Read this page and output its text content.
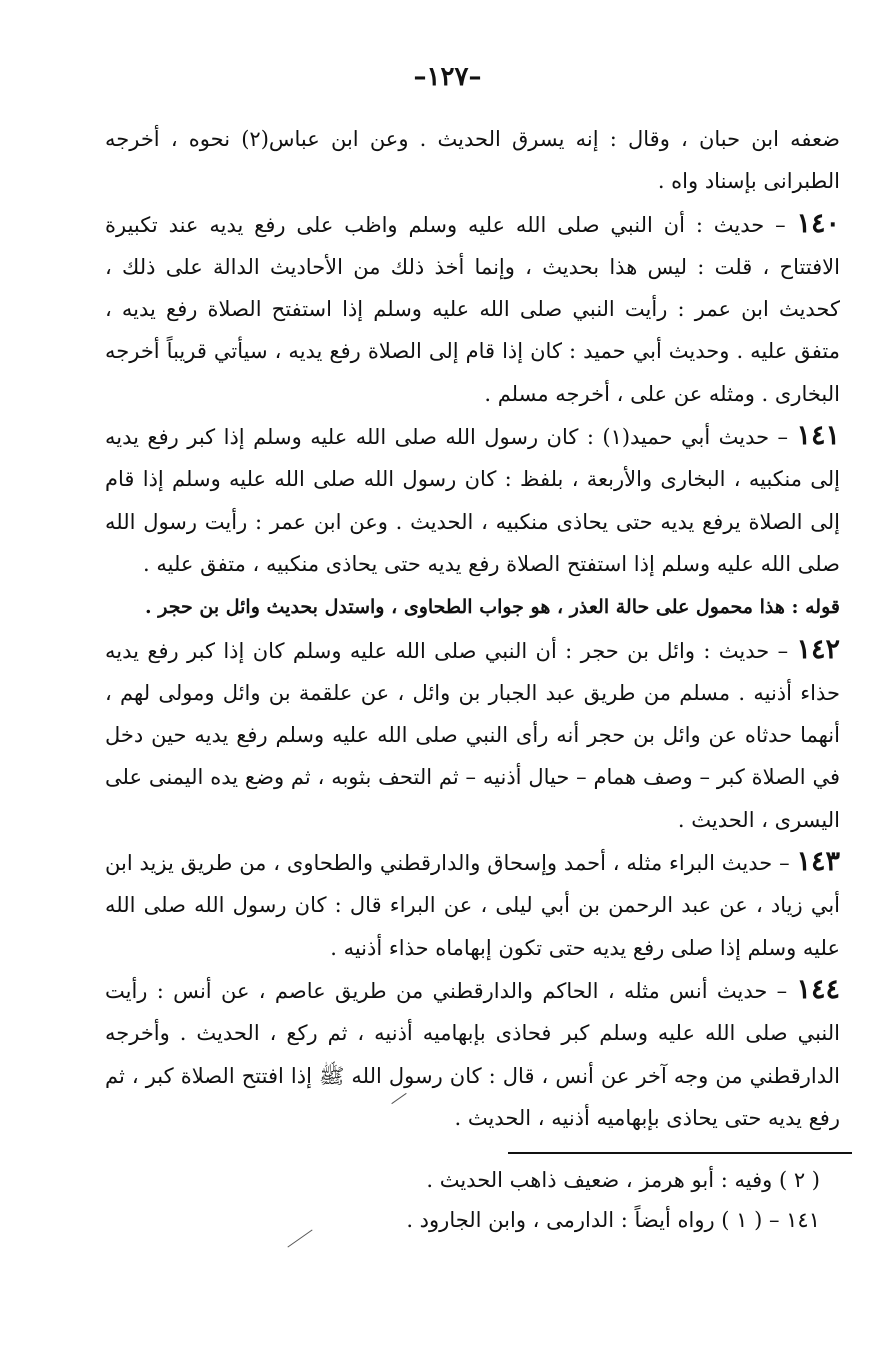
–١٢٧–

ضعفه ابن حبان ، وقال : إنه يسرق الحديث . وعن ابن عباس(٢) نحوه ، أخرجه الطبرانى بإسناد واه .

١٤٠ – حديث : أن النبي صلى الله عليه وسلم واظب على رفع يديه عند تكبيرة الافتتاح ، قلت : ليس هذا بحديث ، وإنما أخذ ذلك من الأحاديث الدالة على ذلك ، كحديث ابن عمر : رأيت النبي صلى الله عليه وسلم إذا استفتح الصلاة رفع يديه ، متفق عليه . وحديث أبي حميد : كان إذا قام إلى الصلاة رفع يديه ، سيأتي قريباً أخرجه البخارى . ومثله عن على ، أخرجه مسلم .

١٤١ – حديث أبي حميد(١) : كان رسول الله صلى الله عليه وسلم إذا كبر رفع يديه إلى منكبيه ، البخارى والأربعة ، بلفظ : كان رسول الله صلى الله عليه وسلم إذا قام إلى الصلاة يرفع يديه حتى يحاذى منكبيه ، الحديث . وعن ابن عمر : رأيت رسول الله صلى الله عليه وسلم إذا استفتح الصلاة رفع يديه حتى يحاذى منكبيه ، متفق عليه .

قوله : هذا محمول على حالة العذر ، هو جواب الطحاوى ، واستدل بحديث وائل بن حجر .

١٤٢ – حديث : وائل بن حجر : أن النبي صلى الله عليه وسلم كان إذا كبر رفع يديه حذاء أذنيه . مسلم من طريق عبد الجبار بن وائل ، عن علقمة بن وائل ومولى لهم ، أنهما حدثاه عن وائل بن حجر أنه رأى النبي صلى الله عليه وسلم رفع يديه حين دخل في الصلاة كبر – وصف همام – حيال أذنيه – ثم التحف بثوبه ، ثم وضع يده اليمنى على اليسرى ، الحديث .

١٤٣ – حديث البراء مثله ، أحمد وإسحاق والدارقطني والطحاوى ، من طريق يزيد ابن أبي زياد ، عن عبد الرحمن بن أبي ليلى ، عن البراء قال : كان رسول الله صلى الله عليه وسلم إذا صلى رفع يديه حتى تكون إبهاماه حذاء أذنيه .

١٤٤ – حديث أنس مثله ، الحاكم والدارقطني من طريق عاصم ، عن أنس : رأيت النبي صلى الله عليه وسلم كبر فحاذى بإبهاميه أذنيه ، ثم ركع ، الحديث . وأخرجه الدارقطني من وجه آخر عن أنس ، قال : كان رسول الله ﷺ إذا افتتح الصلاة كبر ، ثم رفع يديه حتى يحاذى بإبهاميه أذنيه ، الحديث .

( ٢ ) وفيه : أبو هرمز ، ضعيف ذاهب الحديث .

١٤١ – ( ١ ) رواه أيضاً : الدارمى ، وابن الجارود .
